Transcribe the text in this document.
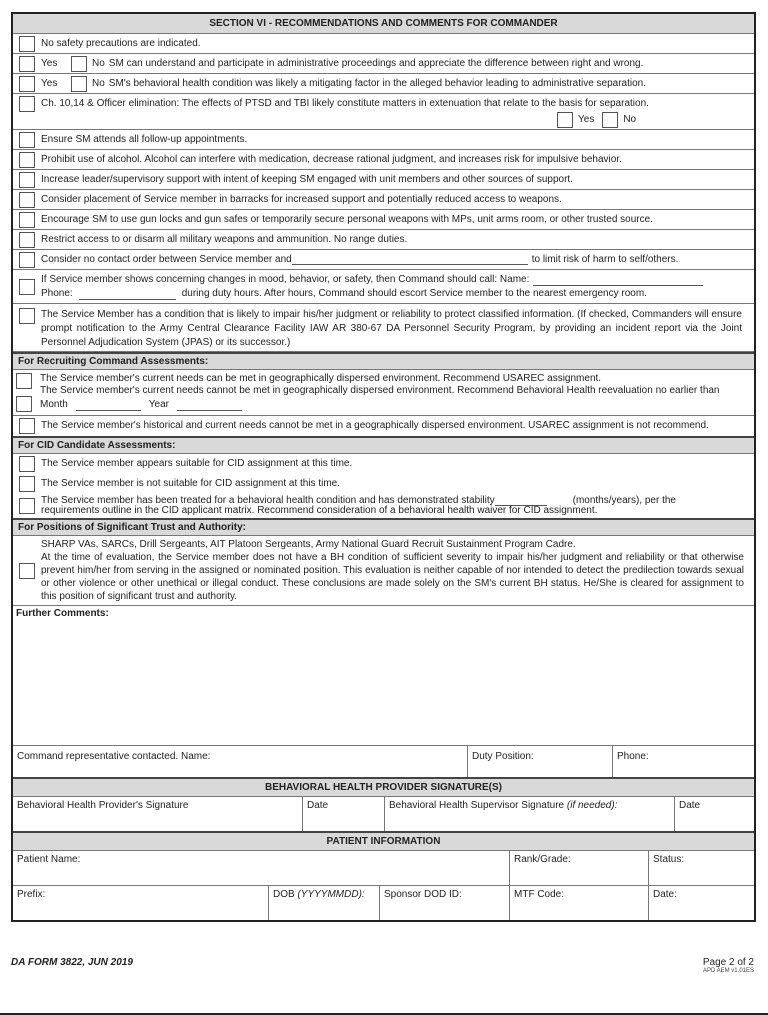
SECTION VI - RECOMMENDATIONS AND COMMENTS FOR COMMANDER
No safety precautions are indicated.
Yes	No SM can understand and participate in administrative proceedings and appreciate the difference between right and wrong.
Yes	No SM's behavioral health condition was likely a mitigating factor in the alleged behavior leading to administrative separation.
Ch. 10,14 & Officer elimination: The effects of PTSD and TBI likely constitute matters in extenuation that relate to the basis for separation.
Yes	No
Ensure SM attends all follow-up appointments.
Prohibit use of alcohol. Alcohol can interfere with medication, decrease rational judgment, and increases risk for impulsive behavior.
Increase leader/supervisory support with intent of keeping SM engaged with unit members and other sources of support.
Consider placement of Service member in barracks for increased support and potentially reduced access to weapons.
Encourage SM to use gun locks and gun safes or temporarily secure personal weapons with MPs, unit arms room, or other trusted source.
Restrict access to or disarm all military weapons and ammunition. No range duties.
Consider no contact order between Service member and	to limit risk of harm to self/others.
If Service member shows concerning changes in mood, behavior, or safety, then Command should call: Name:
Phone:	during duty hours. After hours, Command should escort Service member to the nearest emergency room.
The Service Member has a condition that is likely to impair his/her judgment or reliability to protect classified information. (If checked, Commanders will ensure prompt notification to the Army Central Clearance Facility IAW AR 380-67 DA Personnel Security Program, by providing an incident report via the Joint Personnel Adjudication System (JPAS) or its successor.)
For Recruiting Command Assessments:
The Service member's current needs can be met in geographically dispersed environment. Recommend USAREC assignment.
The Service member's current needs cannot be met in geographically dispersed environment. Recommend Behavioral Health reevaluation no earlier than
Month	Year
The Service member's historical and current needs cannot be met in a geographically dispersed environment. USAREC assignment is not recommend.
For CID Candidate Assessments:
The Service member appears suitable for CID assignment at this time.
The Service member is not suitable for CID assignment at this time.
The Service member has been treated for a behavioral health condition and has demonstrated stability	(months/years), per the
requirements outline in the CID applicant matrix. Recommend consideration of a behavioral health waiver for CID assignment.
For Positions of Significant Trust and Authority:
SHARP VAs, SARCs, Drill Sergeants, AIT Platoon Sergeants, Army National Guard Recruit Sustainment Program Cadre.
At the time of evaluation, the Service member does not have a BH condition of sufficient severity to impair his/her judgment and reliability or that otherwise prevent him/her from serving in the assigned or nominated position. This evaluation is neither capable of nor intended to detect the predilection towards sexual or other violence or other unethical or illegal conduct. These conclusions are made solely on the SM's current BH status. He/She is cleared for assignment to this position of significant trust and authority.
Further Comments:
Command representative contacted. Name:	Duty Position:	Phone:
BEHAVIORAL HEALTH PROVIDER SIGNATURE(S)
Behavioral Health Provider's Signature	Date	Behavioral Health Supervisor Signature (if needed):	Date
PATIENT INFORMATION
Patient Name:	Rank/Grade:	Status:
Prefix:	DOB (YYYYMMDD):	Sponsor DOD ID:	MTF Code:	Date:
DA FORM 3822, JUN 2019	Page 2 of 2
APD AEM v1.01ES
